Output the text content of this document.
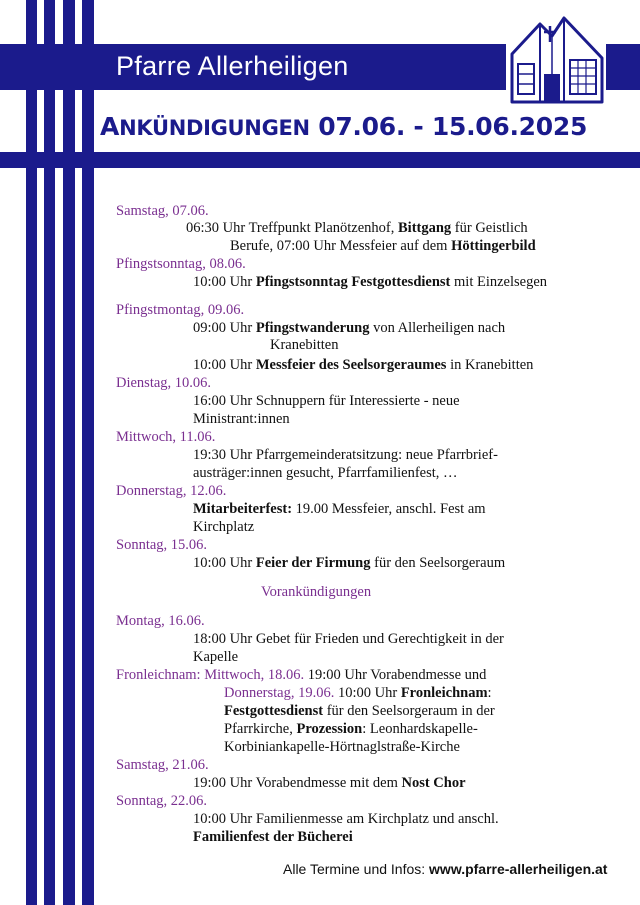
Pfarre Allerheiligen
ANKÜNDIGUNGEN 07.06. - 15.06.2025
Samstag, 07.06.
06:30 Uhr Treffpunkt Planötzenhof, Bittgang für Geistlich
Berufe, 07:00 Uhr Messfeier auf dem Höttingerbild
Pfingstsonntag, 08.06.
10:00 Uhr Pfingstsonntag Festgottesdienst mit Einzelsegen
Pfingstmontag, 09.06.
09:00 Uhr Pfingstwanderung von Allerheiligen nach
Kranebitten
10:00 Uhr Messfeier des Seelsorgeraumes in Kranebitten
Dienstag, 10.06.
16:00 Uhr Schnuppern für Interessierte - neue
Ministrant:innen
Mittwoch, 11.06.
19:30 Uhr Pfarrgemeinderatsitzung: neue Pfarrbrief-
austräger:innen gesucht, Pfarrfamilienfest, …
Donnerstag, 12.06.
Mitarbeiterfest: 19.00 Messfeier, anschl. Fest am
Kirchplatz
Sonntag, 15.06.
10:00 Uhr Feier der Firmung für den Seelsorgeraum
Vorankündigungen
Montag, 16.06.
18:00 Uhr Gebet für Frieden und Gerechtigkeit in der
Kapelle
Fronleichnam: Mittwoch, 18.06. 19:00 Uhr Vorabendmesse und
Donnerstag, 19.06. 10:00 Uhr Fronleichnam:
Festgottesdienst für den Seelsorgeraum in der
Pfarrkirche, Prozession: Leonhardskapelle-
Korbiniankapelle-Hörtnaglstraße-Kirche
Samstag, 21.06.
19:00 Uhr Vorabendmesse mit dem Nost Chor
Sonntag, 22.06.
10:00 Uhr Familienmesse am Kirchplatz und anschl.
Familienfest der Bücherei
Alle Termine und Infos: www.pfarre-allerheiligen.at
